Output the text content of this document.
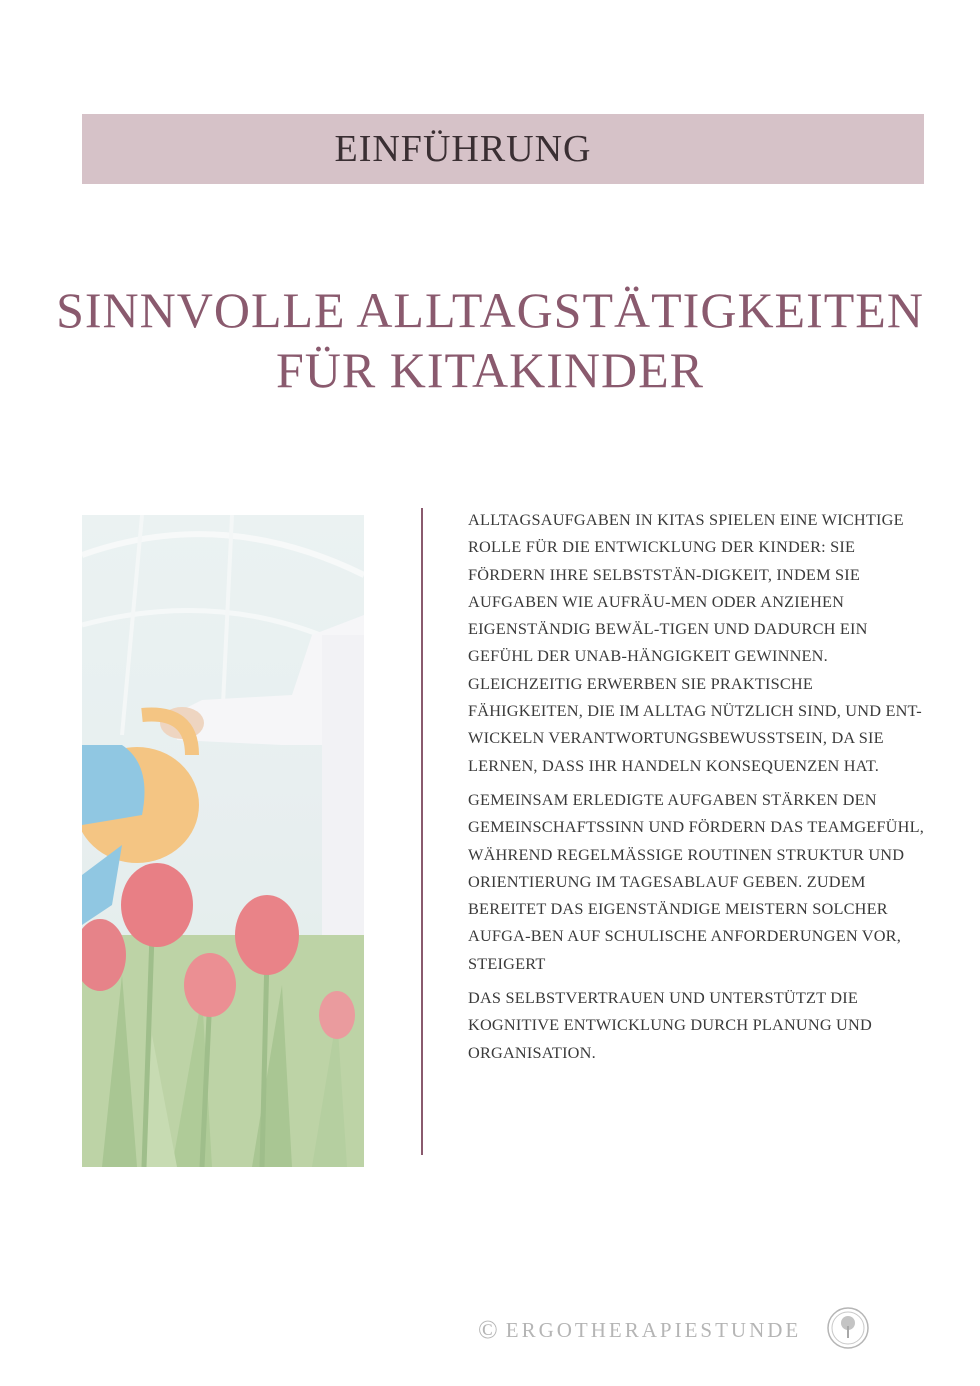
EINFÜHRUNG
SINNVOLLE ALLTAGSTÄTIGKEITEN
FÜR KITAKINDER

ALLTAGSAUFGABEN IN KITAS SPIELEN EINE WICHTIGE ROLLE FÜR DIE ENTWICKLUNG DER KINDER: SIE FÖRDERN IHRE SELBSTSTÄN-DIGKEIT, INDEM SIE AUFGABEN WIE AUFRÄU-MEN ODER ANZIEHEN EIGENSTÄNDIG BEWÄL-TIGEN UND DADURCH EIN GEFÜHL DER UNAB-HÄNGIGKEIT GEWINNEN. GLEICHZEITIG ERWERBEN SIE PRAKTISCHE FÄHIGKEITEN, DIE IM ALLTAG NÜTZLICH SIND, UND ENT-WICKELN VERANTWORTUNGSBEWUSSTSEIN, DA SIE LERNEN, DASS IHR HANDELN KONSEQUENZEN HAT.

GEMEINSAM ERLEDIGTE AUFGABEN STÄRKEN DEN GEMEINSCHAFTSSINN UND FÖRDERN DAS TEAMGEFÜHL, WÄHREND REGELMÄSSIGE ROUTINEN STRUKTUR UND ORIENTIERUNG IM TAGESABLAUF GEBEN. ZUDEM BEREITET DAS EIGENSTÄNDIGE MEISTERN SOLCHER AUFGA-BEN AUF SCHULISCHE ANFORDERUNGEN VOR, STEIGERT

DAS SELBSTVERTRAUEN UND UNTERSTÜTZT DIE KOGNITIVE ENTWICKLUNG DURCH PLANUNG UND ORGANISATION.

© ERGOTHERAPIESTUNDE
